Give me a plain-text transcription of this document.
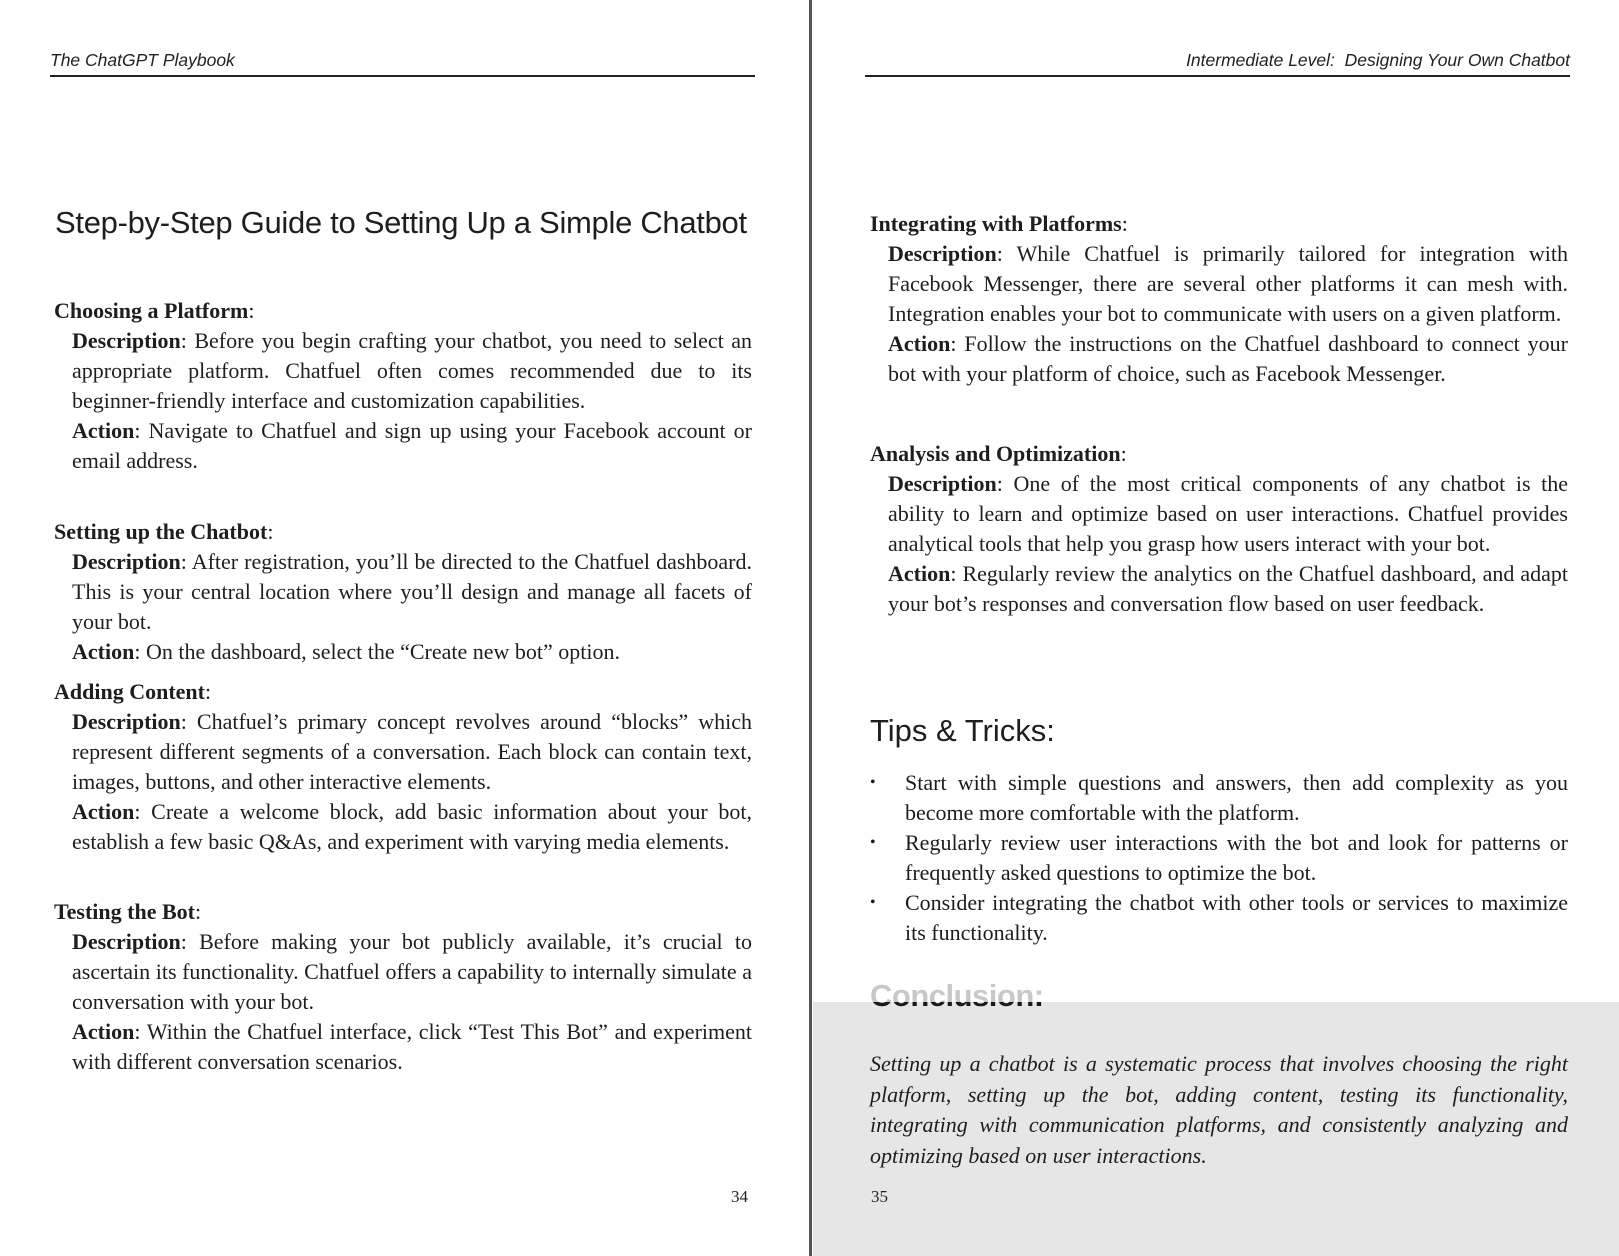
The ChatGPT Playbook
Step-by-Step Guide to Setting Up a Simple Chatbot

Choosing a Platform:

Description: Before you begin crafting your chatbot, you need to select an appropriate platform. Chatfuel often comes recommended due to its beginner-friendly interface and customization capabilities.

Action: Navigate to Chatfuel and sign up using your Facebook account or email address.

Setting up the Chatbot:

Description: After registration, you’ll be directed to the Chatfuel dashboard. This is your central location where you’ll design and manage all facets of your bot.

Action: On the dashboard, select the “Create new bot” option.

Adding Content:

Description: Chatfuel’s primary concept revolves around “blocks” which represent different segments of a conversation. Each block can contain text, images, buttons, and other interactive elements.

Action: Create a welcome block, add basic information about your bot, establish a few basic Q&As, and experiment with varying media elements.

Testing the Bot:

Description: Before making your bot publicly available, it’s crucial to ascertain its functionality. Chatfuel offers a capability to internally simulate a conversation with your bot.

Action: Within the Chatfuel interface, click “Test This Bot” and experiment with different conversation scenarios.

34
Intermediate Level:  Designing Your Own Chatbot

Integrating with Platforms:

Description: While Chatfuel is primarily tailored for integration with Facebook Messenger, there are several other platforms it can mesh with. Integration enables your bot to communicate with users on a given platform.

Action: Follow the instructions on the Chatfuel dashboard to connect your bot with your platform of choice, such as Facebook Messenger.

Analysis and Optimization:

Description: One of the most critical components of any chatbot is the ability to learn and optimize based on user interactions. Chatfuel provides analytical tools that help you grasp how users interact with your bot.

Action: Regularly review the analytics on the Chatfuel dashboard, and adapt your bot’s responses and conversation flow based on user feedback.

Tips & Tricks:
• Start with simple questions and answers, then add complexity as you become more comfortable with the platform.
• Regularly review user interactions with the bot and look for patterns or frequently asked questions to optimize the bot.
• Consider integrating the chatbot with other tools or services to maximize its functionality.
Conclusion:
Setting up a chatbot is a systematic process that involves choosing the right platform, setting up the bot, adding content, testing its functionality, integrating with communication platforms, and consistently analyzing and optimizing based on user interactions.
35
